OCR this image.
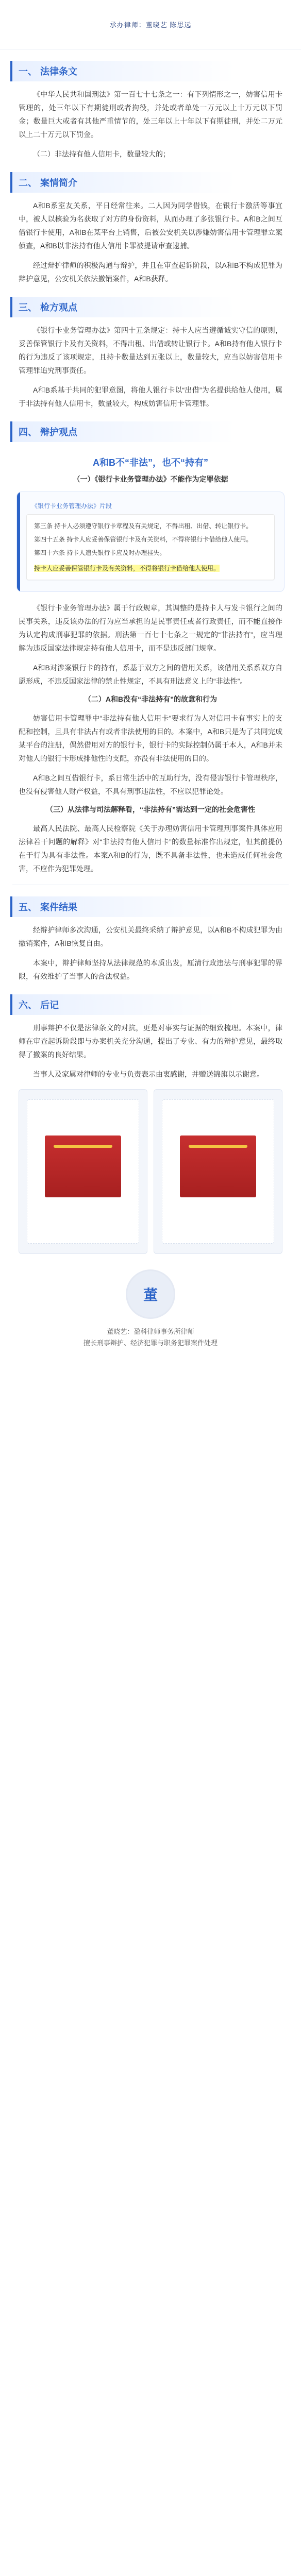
承办律师：董晓艺 陈思远
一、 法律条文

《中华人民共和国刑法》第一百七十七条之一：有下列情形之一，妨害信用卡管理的，处三年以下有期徒刑或者拘役，并处或者单处一万元以上十万元以下罚金；数量巨大或者有其他严重情节的，处三年以上十年以下有期徒刑，并处二万元以上二十万元以下罚金。

（二）非法持有他人信用卡，数量较大的；

二、 案情简介

A和B系室友关系，平日经常往来。二人因为同学借钱，在银行卡激活等事宜中，被人以核验为名获取了对方的身份资料，从而办理了多张银行卡。A和B之间互借银行卡使用，A和B在某平台上销售，后被公安机关以涉嫌妨害信用卡管理罪立案侦查，A和B以非法持有他人信用卡罪被提请审查逮捕。

经过辩护律师的积极沟通与辩护，并且在审查起诉阶段，以A和B不构成犯罪为辩护意见，公安机关依法撤销案件，A和B获释。

三、 检方观点

《银行卡业务管理办法》第四十五条规定：持卡人应当遵循诚实守信的原则，妥善保管银行卡及有关资料，不得出租、出借或转让银行卡。A和B持有他人银行卡的行为违反了该项规定，且持卡数量达到五张以上，数量较大，应当以妨害信用卡管理罪追究刑事责任。

A和B系基于共同的犯罪意图，将他人银行卡以“出借”为名提供给他人使用，属于非法持有他人信用卡，数量较大，构成妨害信用卡管理罪。

四、 辩护观点
A和B不“非法”，也不“持有”
（一）《银行卡业务管理办法》不能作为定罪依据
《银行卡业务管理办法》片段

第三条 持卡人必须遵守银行卡章程及有关规定，不得出租、出借、转让银行卡。

第四十五条 持卡人应妥善保管银行卡及有关资料，不得将银行卡借给他人使用。

第四十六条 持卡人遗失银行卡应及时办理挂失。

持卡人应妥善保管银行卡及有关资料，不得将银行卡借给他人使用。

《银行卡业务管理办法》属于行政规章，其调整的是持卡人与发卡银行之间的民事关系，违反该办法的行为应当承担的是民事责任或者行政责任，而不能直接作为认定构成刑事犯罪的依据。刑法第一百七十七条之一规定的“非法持有”，应当理解为违反国家法律规定持有他人信用卡，而不是违反部门规章。

A和B对涉案银行卡的持有，系基于双方之间的借用关系，该借用关系系双方自愿形成，不违反国家法律的禁止性规定，不具有刑法意义上的“非法性”。

（二）A和B没有“非法持有”的故意和行为

妨害信用卡管理罪中“非法持有他人信用卡”要求行为人对信用卡有事实上的支配和控制，且具有非法占有或者非法使用的目的。本案中，A和B只是为了共同完成某平台的注册，偶然借用对方的银行卡，银行卡的实际控制仍属于本人，A和B并未对他人的银行卡形成排他性的支配，亦没有非法使用的目的。

A和B之间互借银行卡，系日常生活中的互助行为，没有侵害银行卡管理秩序，也没有侵害他人财产权益，不具有刑事违法性，不应以犯罪论处。

（三）从法律与司法解释看，“非法持有”需达到一定的社会危害性

最高人民法院、最高人民检察院《关于办理妨害信用卡管理刑事案件具体应用法律若干问题的解释》对“非法持有他人信用卡”的数量标准作出规定，但其前提仍在于行为具有非法性。本案A和B的行为，既不具备非法性，也未造成任何社会危害，不应作为犯罪处理。

五、 案件结果

经辩护律师多次沟通，公安机关最终采纳了辩护意见，以A和B不构成犯罪为由撤销案件，A和B恢复自由。

本案中，辩护律师坚持从法律规范的本质出发，厘清行政违法与刑事犯罪的界限，有效维护了当事人的合法权益。

六、 后记

刑事辩护不仅是法律条文的对抗，更是对事实与证据的细致梳理。本案中，律师在审查起诉阶段即与办案机关充分沟通，提出了专业、有力的辩护意见，最终取得了撤案的良好结果。

当事人及家属对律师的专业与负责表示由衷感谢，并赠送锦旗以示谢意。

董
董晓艺：盈科律师事务所律师
擅长刑事辩护、经济犯罪与职务犯罪案件处理
